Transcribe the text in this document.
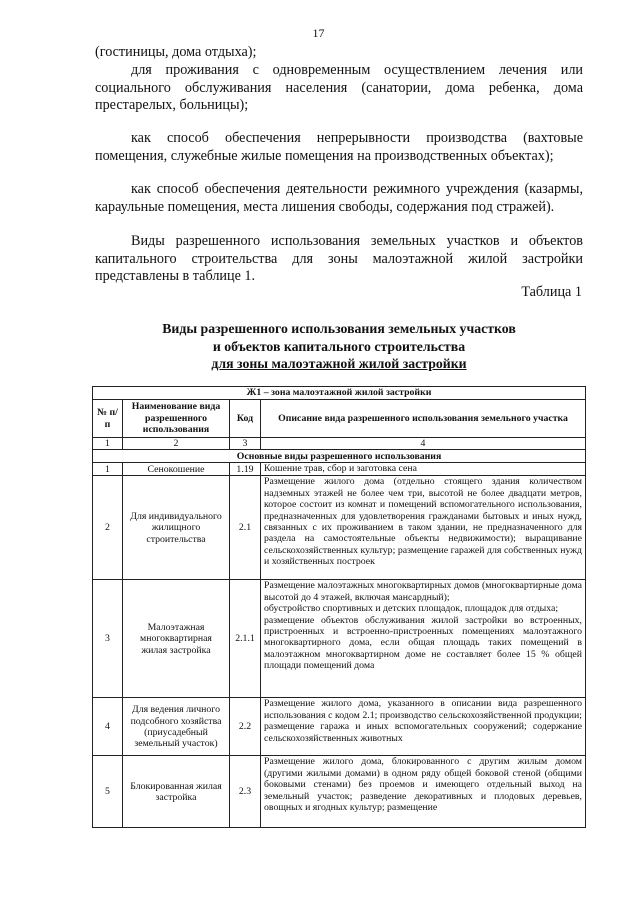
17

(гостиницы, дома отдыха);

для проживания с одновременным осуществлением лечения или социального обслуживания населения (санатории, дома ребенка, дома престарелых, больницы);

как способ обеспечения непрерывности производства (вахтовые помещения, служебные жилые помещения на производственных объектах);

как способ обеспечения деятельности режимного учреждения (казармы, караульные помещения, места лишения свободы, содержания под стражей).

Виды разрешенного использования земельных участков и объектов капитального строительства для зоны малоэтажной жилой застройки представлены в таблице 1.

Таблица 1
Виды разрешенного использования земельных участков
и объектов капитального строительства
для зоны малоэтажной жилой застройки
Ж1 – зона малоэтажной жилой застройки			
№ п/п	Наименование вида разрешенного использования	Код	Описание вида разрешенного использования земельного участка
1	2	3	4
Основные виды разрешенного использования			
1	Сенокошение	1.19	Кошение трав, сбор и заготовка сена
2	Для индивидуального жилищного строительства	2.1	Размещение жилого дома (отдельно стоящего здания количеством надземных этажей не более чем три, высотой не более двадцати метров, которое состоит из комнат и помещений вспомогательного использования, предназначенных для удовлетворения гражданами бытовых и иных нужд, связанных с их проживанием в таком здании, не предназначенного для раздела на самостоятельные объекты недвижимости); выращивание сельскохозяйственных культур; размещение гаражей для собственных нужд и хозяйственных построек
3	Малоэтажная многоквартирная жилая застройка	2.1.1	Размещение малоэтажных многоквартирных домов (многоквартирные дома высотой до 4 этажей, включая мансардный);
обустройство спортивных и детских площадок, площадок для отдыха;
размещение объектов обслуживания жилой застройки во встроенных, пристроенных и встроенно-пристроенных помещениях малоэтажного многоквартирного дома, если общая площадь таких помещений в малоэтажном многоквартирном доме не составляет более 15 % общей площади помещений дома

4	Для ведения личного подсобного хозяйства (приусадебный земельный участок)	2.2	Размещение жилого дома, указанного в описании вида разрешенного использования с кодом 2.1; производство сельскохозяйственной продукции; размещение гаража и иных вспомогательных сооружений; содержание сельскохозяйственных животных
5	Блокированная жилая застройка	2.3	Размещение жилого дома, блокированного с другим жилым домом (другими жилыми домами) в одном ряду общей боковой стеной (общими боковыми стенами) без проемов и имеющего отдельный выход на земельный участок; разведение декоративных и плодовых деревьев, овощных и ягодных культур; размещение
